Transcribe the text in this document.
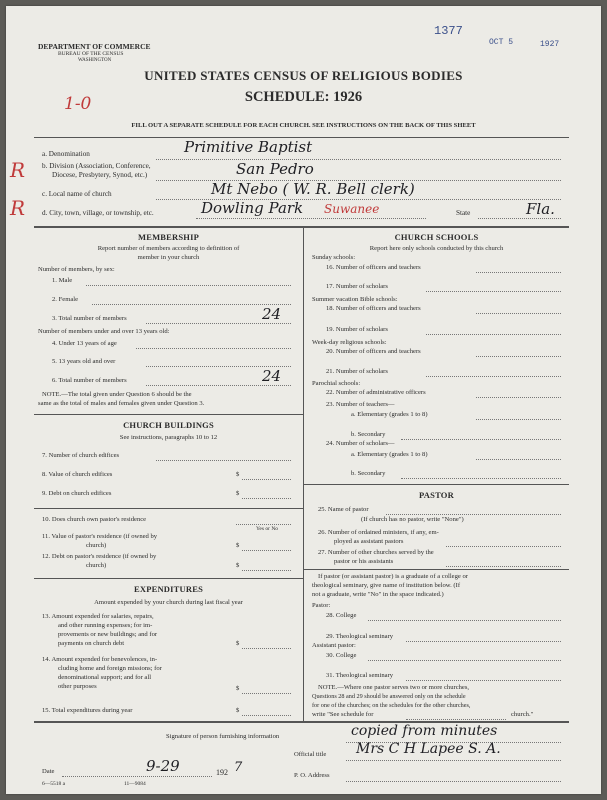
1377
OCT 5	1927
DEPARTMENT OF COMMERCE
BUREAU OF THE CENSUS
WASHINGTON
UNITED STATES CENSUS OF RELIGIOUS BODIES
SCHEDULE: 1926
1-0
FILL OUT A SEPARATE SCHEDULE FOR EACH CHURCH. SEE INSTRUCTIONS ON THE BACK OF THIS SHEET
R
R
a. Denomination	Primitive Baptist
b. Division (Association, Conference,
Diocese, Presbytery, Synod, etc.)	San Pedro
c. Local name of church	Mt Nebo ( W. R. Bell clerk)
d. City, town, village, or township, etc.	Dowling Park Suwanee	State	Fla.
MEMBERSHIP
Report number of members according to definition of
member in your church
Number of members, by sex:
1. Male
2. Female
3. Total number of members	24
Number of members under and over 13 years old:
4. Under 13 years of age
5. 13 years old and over
6. Total number of members	24
NOTE.—The total given under Question 6 should be the
same as the total of males and females given under Question 3.
CHURCH BUILDINGS
See instructions, paragraphs 10 to 12
7. Number of church edifices
8. Value of church edifices	$
9. Debt on church edifices	$
10. Does church own pastor's residence
Yes or No
11. Value of pastor's residence (if owned by
church)	$
12. Debt on pastor's residence (if owned by
church)	$
EXPENDITURES
Amount expended by your church during last fiscal year
13. Amount expended for salaries, repairs,
and other running expenses; for im-
provements or new buildings; and for
payments on church debt	$
14. Amount expended for benevolences, in-
cluding home and foreign missions; for
denominational support; and for all
other purposes	$
15. Total expenditures during year	$
CHURCH SCHOOLS
Report here only schools conducted by this church
Sunday schools:
16. Number of officers and teachers
17. Number of scholars
Summer vacation Bible schools:
18. Number of officers and teachers
19. Number of scholars
Week-day religious schools:
20. Number of officers and teachers
21. Number of scholars
Parochial schools:
22. Number of administrative officers
23. Number of teachers—
a. Elementary (grades 1 to 8)
b. Secondary
24. Number of scholars—
a. Elementary (grades 1 to 8)
b. Secondary
PASTOR
25. Name of pastor
(If church has no pastor, write "None")
26. Number of ordained ministers, if any, em-
ployed as assistant pastors
27. Number of other churches served by the
pastor or his assistants
If pastor (or assistant pastor) is a graduate of a college or
theological seminary, give name of institution below. (If
not a graduate, write "No" in the space indicated.)
Pastor:
28. College
29. Theological seminary
Assistant pastor:
30. College
31. Theological seminary
NOTE.—Where one pastor serves two or more churches,
Questions 28 and 29 should be answered only on the schedule
for one of the churches; on the schedules for the other churches,
write "See schedule for	church."
Signature of person furnishing information	copied from minutes
Official title Mrs C H Lapee S. A.
Date	9-29	192 7
P. O. Address
6—5518 a	11—9084
